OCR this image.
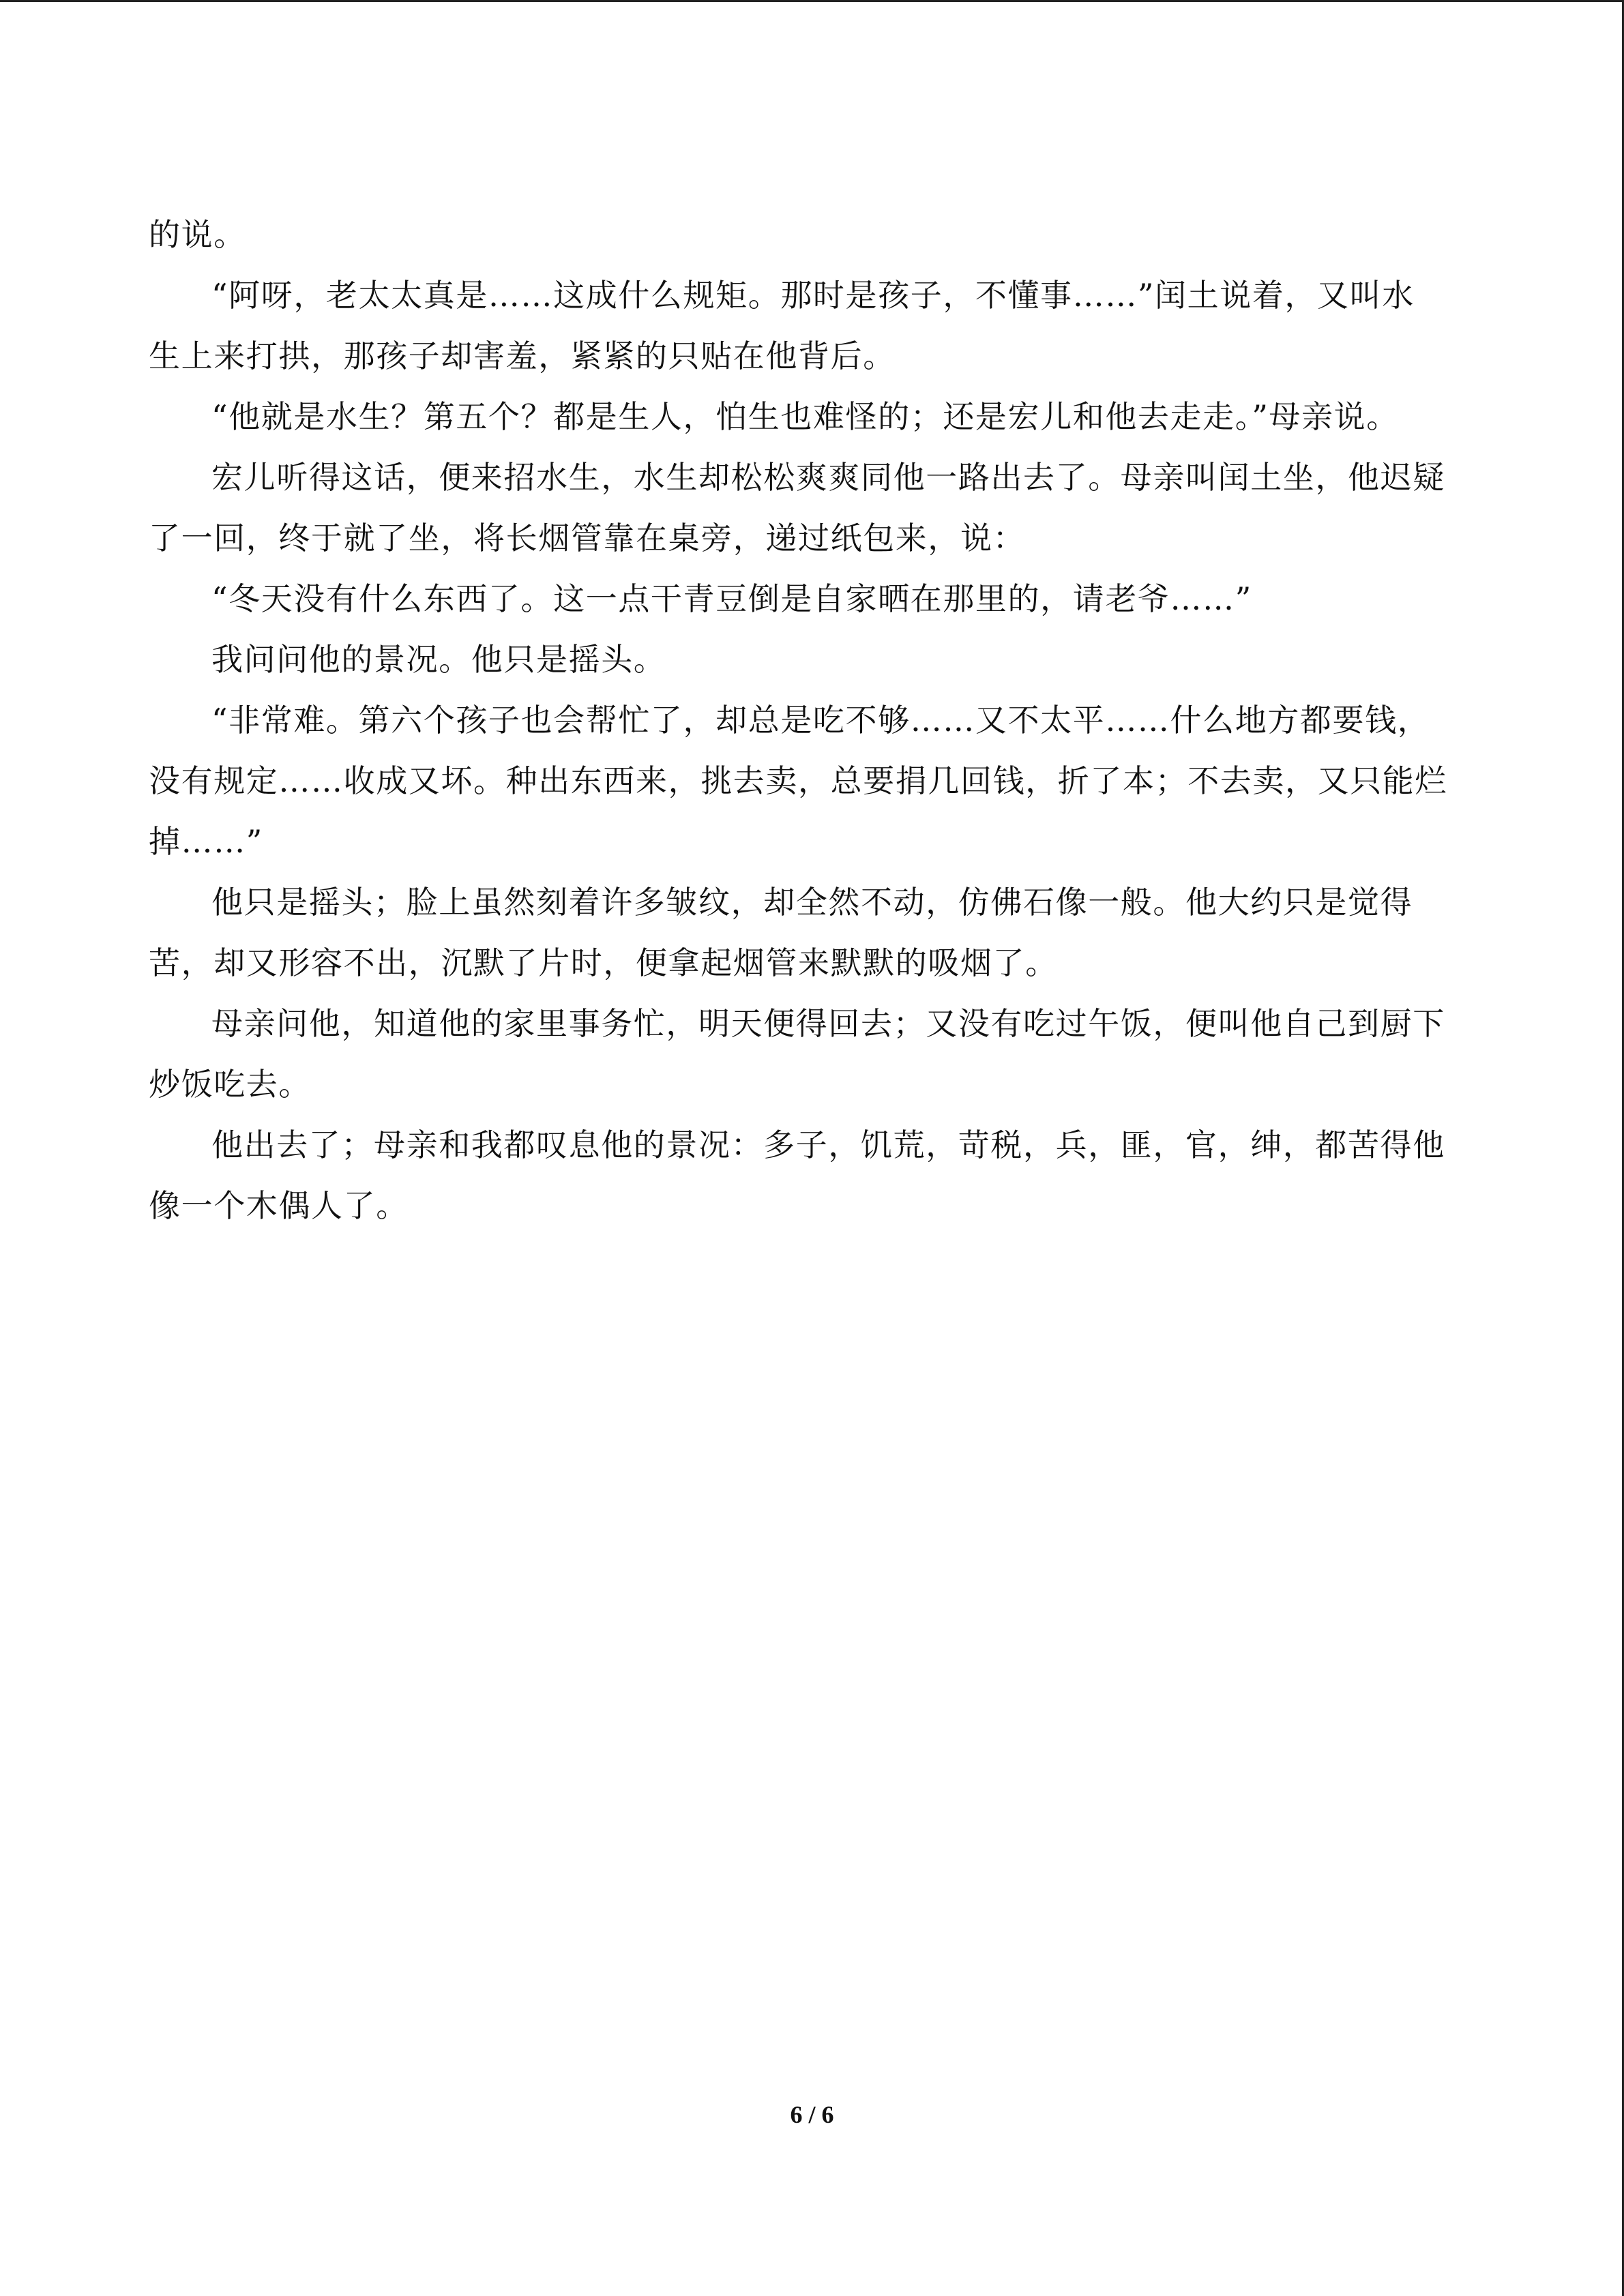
的说。
“阿呀，老太太真是……这成什么规矩。那时是孩子，不懂事……”闰土说着，又叫水
生上来打拱，那孩子却害羞，紧紧的只贴在他背后。
“他就是水生？第五个？都是生人，怕生也难怪的；还是宏儿和他去走走。”母亲说。
宏儿听得这话，便来招水生，水生却松松爽爽同他一路出去了。母亲叫闰土坐，他迟疑
了一回，终于就了坐，将长烟管靠在桌旁，递过纸包来，说：
“冬天没有什么东西了。这一点干青豆倒是自家晒在那里的，请老爷……”
我问问他的景况。他只是摇头。
“非常难。第六个孩子也会帮忙了，却总是吃不够……又不太平……什么地方都要钱，
没有规定……收成又坏。种出东西来，挑去卖，总要捐几回钱，折了本；不去卖，又只能烂
掉……”
他只是摇头；脸上虽然刻着许多皱纹，却全然不动，仿佛石像一般。他大约只是觉得
苦，却又形容不出，沉默了片时，便拿起烟管来默默的吸烟了。
母亲问他，知道他的家里事务忙，明天便得回去；又没有吃过午饭，便叫他自己到厨下
炒饭吃去。
他出去了；母亲和我都叹息他的景况：多子，饥荒，苛税，兵，匪，官，绅，都苦得他
像一个木偶人了。
6 / 6
